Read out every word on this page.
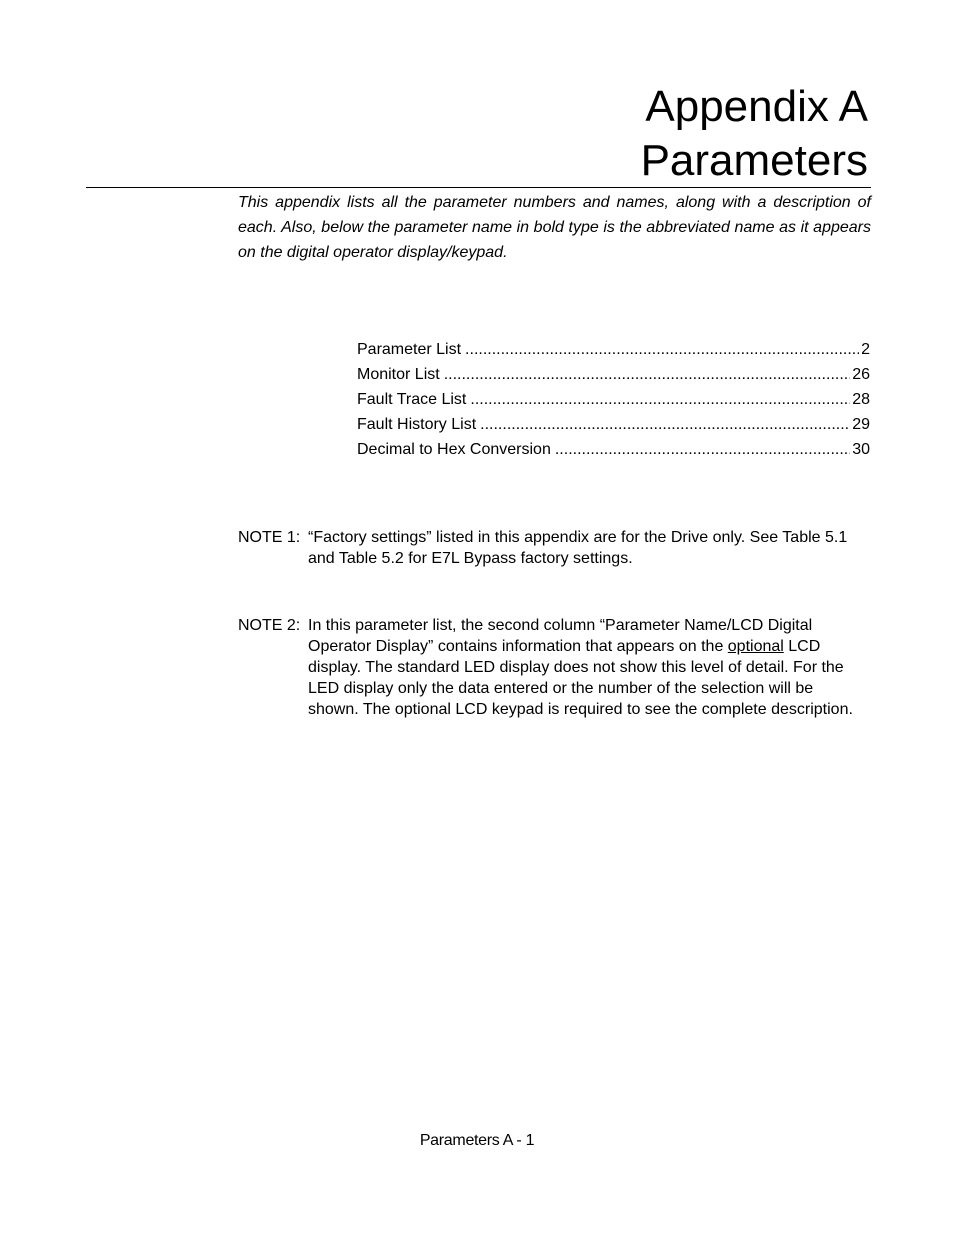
Appendix A

Parameters

This appendix lists all the parameter numbers and names, along with a description of each. Also, below the parameter name in bold type is the abbreviated name as it appears on the digital operator display/keypad.

Parameter List .....	2
Monitor List .....	26
Fault Trace List .....	28
Fault History List .....	29
Decimal to Hex Conversion .....	30
NOTE 1: “Factory settings” listed in this appendix are for the Drive only. See Table 5.1 and Table 5.2 for E7L Bypass factory settings.
NOTE 2: In this parameter list, the second column “Parameter Name/LCD Digital Operator Display” contains information that appears on the optional LCD display. The standard LED display does not show this level of detail. For the LED display only the data entered or the number of the selection will be shown. The optional LCD keypad is required to see the complete description.
Parameters A - 1
